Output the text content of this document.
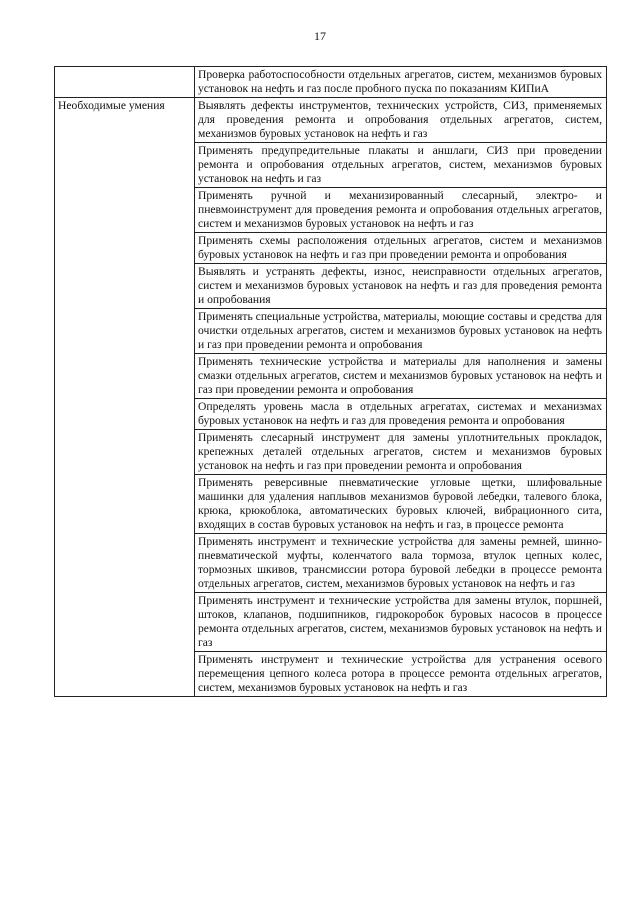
17
	Проверка работоспособности отдельных агрегатов, систем, механизмов буровых установок на нефть и газ после пробного пуска по показаниям КИПиА
Необходимые умения	Выявлять дефекты инструментов, технических устройств, СИЗ, применяемых для проведения ремонта и опробования отдельных агрегатов, систем, механизмов буровых установок на нефть и газ
	Применять предупредительные плакаты и аншлаги, СИЗ при проведении ремонта и опробования отдельных агрегатов, систем, механизмов буровых установок на нефть и газ
	Применять ручной и механизированный слесарный, электро- и пневмоинструмент для проведения ремонта и опробования отдельных агрегатов, систем и механизмов буровых установок на нефть и газ
	Применять схемы расположения отдельных агрегатов, систем и механизмов буровых установок на нефть и газ при проведении ремонта и опробования
	Выявлять и устранять дефекты, износ, неисправности отдельных агрегатов, систем и механизмов буровых установок на нефть и газ для проведения ремонта и опробования
	Применять специальные устройства, материалы, моющие составы и средства для очистки отдельных агрегатов, систем и механизмов буровых установок на нефть и газ при проведении ремонта и опробования
	Применять технические устройства и материалы для наполнения и замены смазки отдельных агрегатов, систем и механизмов буровых установок на нефть и газ при проведении ремонта и опробования
	Определять уровень масла в отдельных агрегатах, системах и механизмах буровых установок на нефть и газ для проведения ремонта и опробования
	Применять слесарный инструмент для замены уплотнительных прокладок, крепежных деталей отдельных агрегатов, систем и механизмов буровых установок на нефть и газ при проведении ремонта и опробования
	Применять реверсивные пневматические угловые щетки, шлифовальные машинки для удаления наплывов механизмов буровой лебедки, талевого блока, крюка, крюкоблока, автоматических буровых ключей, вибрационного сита, входящих в состав буровых установок на нефть и газ, в процессе ремонта
	Применять инструмент и технические устройства для замены ремней, шинно-пневматической муфты, коленчатого вала тормоза, втулок цепных колес, тормозных шкивов, трансмиссии ротора буровой лебедки в процессе ремонта отдельных агрегатов, систем, механизмов буровых установок на нефть и газ
	Применять инструмент и технические устройства для замены втулок, поршней, штоков, клапанов, подшипников, гидрокоробок буровых насосов в процессе ремонта отдельных агрегатов, систем, механизмов буровых установок на нефть и газ
	Применять инструмент и технические устройства для устранения осевого перемещения цепного колеса ротора в процессе ремонта отдельных агрегатов, систем, механизмов буровых установок на нефть и газ
